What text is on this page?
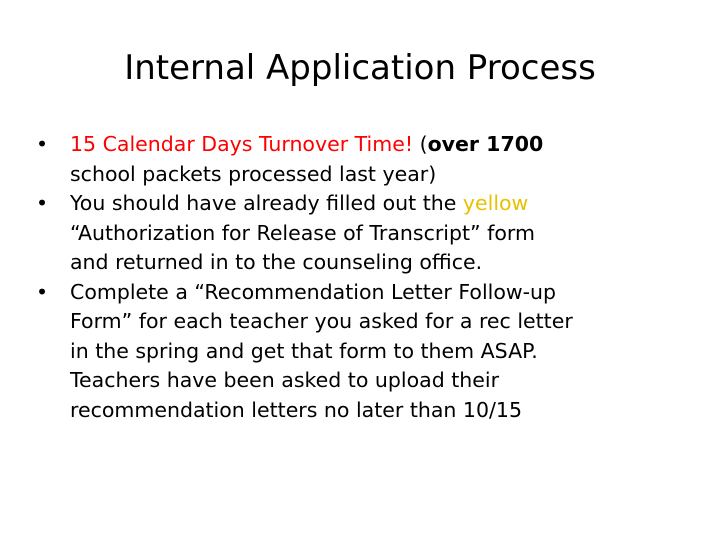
Internal Application Process
•	15 Calendar Days Turnover Time! (over 1700
school packets processed last year)
•	You should have already filled out the yellow
“Authorization for Release of Transcript” form
and returned in to the counseling office.
•	Complete a “Recommendation Letter Follow-up
Form” for each teacher you asked for a rec letter
in the spring and get that form to them ASAP.
Teachers have been asked to upload their
recommendation letters no later than 10/15
